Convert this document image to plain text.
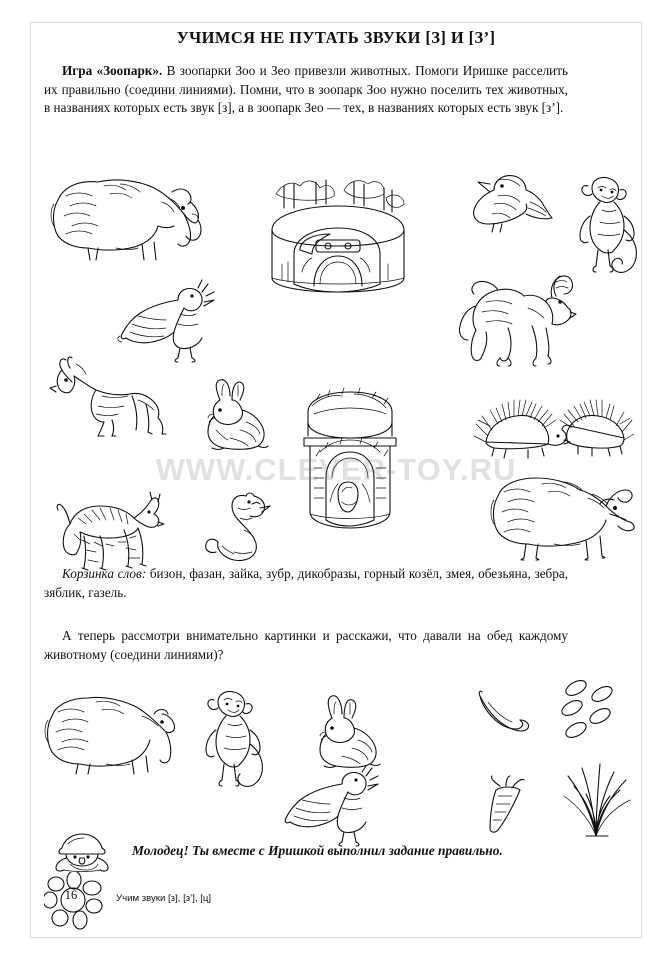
УЧИМСЯ НЕ ПУТАТЬ ЗВУКИ [З] И [З’]
Игра «Зоопарк». В зоопарки Зоо и Зео привезли животных. Помоги Иришке расселить их правильно (соедини линиями). Помни, что в зоопарк Зоо нужно поселить тех животных, в названиях которых есть звук [з], а в зоопарк Зео — тех, в названиях которых есть звук [з’].
WWW.CLEVER-TOY.RU
Корзинка слов: бизон, фазан, зайка, зубр, дикобразы, горный козёл, змея, обезьяна, зебра, зяблик, газель.
А теперь рассмотри внимательно картинки и расскажи, что давали на обед каждому животному (соедини линиями)?
Молодец! Ты вместе с Иришкой выполнил задание правильно.
16	Учим звуки [з], [з’], [ц]
